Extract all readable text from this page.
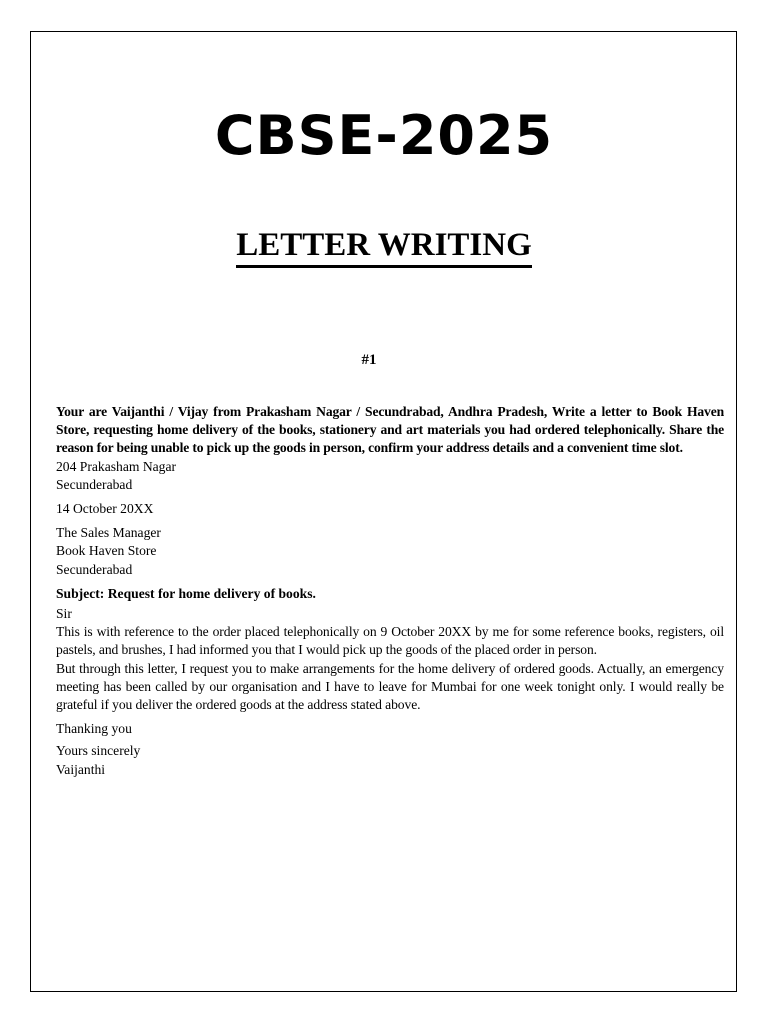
CBSE-2025
LETTER WRITING
#1
Your are Vaijanthi / Vijay from Prakasham Nagar / Secundrabad, Andhra Pradesh, Write a letter to Book Haven Store, requesting home delivery of the books, stationery and art materials you had ordered telephonically. Share the reason for being unable to pick up the goods in person, confirm your address details and a convenient time slot.
204 Prakasham Nagar
Secunderabad
14 October 20XX
The Sales Manager
Book Haven Store
Secunderabad
Subject: Request for home delivery of books.
Sir
This is with reference to the order placed telephonically on 9 October 20XX by me for some reference books, registers, oil pastels, and brushes, I had informed you that I would pick up the goods of the placed order in person.
But through this letter, I request you to make arrangements for the home delivery of ordered goods. Actually, an emergency meeting has been called by our organisation and I have to leave for Mumbai for one week tonight only. I would really be grateful if you deliver the ordered goods at the address stated above.
Thanking you
Yours sincerely
Vaijanthi
